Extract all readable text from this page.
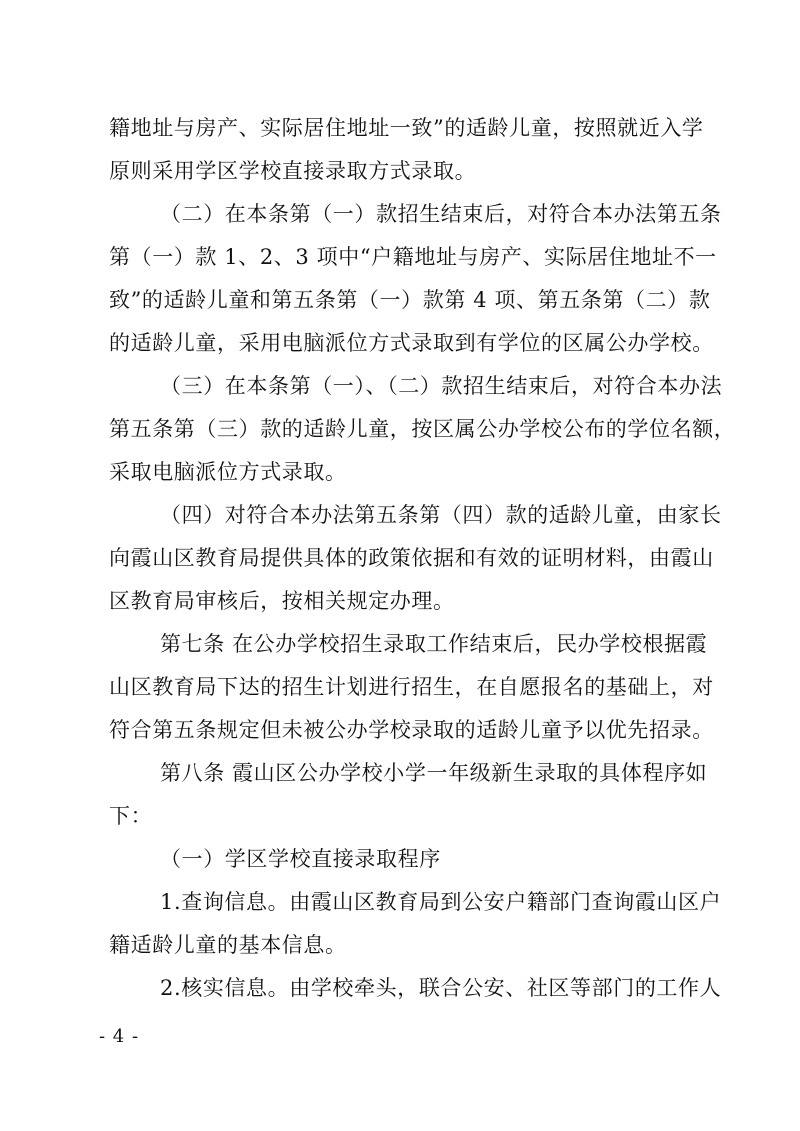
籍地址与房产、实际居住地址一致”的适龄儿童，按照就近入学
原则采用学区学校直接录取方式录取。
（二）在本条第（一）款招生结束后，对符合本办法第五条
第（一）款 1、2、3 项中“户籍地址与房产、实际居住地址不一
致”的适龄儿童和第五条第（一）款第 4 项、第五条第（二）款
的适龄儿童，采用电脑派位方式录取到有学位的区属公办学校。
（三）在本条第（一）、（二）款招生结束后，对符合本办法
第五条第（三）款的适龄儿童，按区属公办学校公布的学位名额，
采取电脑派位方式录取。
（四）对符合本办法第五条第（四）款的适龄儿童，由家长
向霞山区教育局提供具体的政策依据和有效的证明材料，由霞山
区教育局审核后，按相关规定办理。
第七条 在公办学校招生录取工作结束后，民办学校根据霞
山区教育局下达的招生计划进行招生，在自愿报名的基础上，对
符合第五条规定但未被公办学校录取的适龄儿童予以优先招录。
第八条 霞山区公办学校小学一年级新生录取的具体程序如
下：
（一）学区学校直接录取程序
1.查询信息。由霞山区教育局到公安户籍部门查询霞山区户
籍适龄儿童的基本信息。
2.核实信息。由学校牵头，联合公安、社区等部门的工作人
- 4 -
